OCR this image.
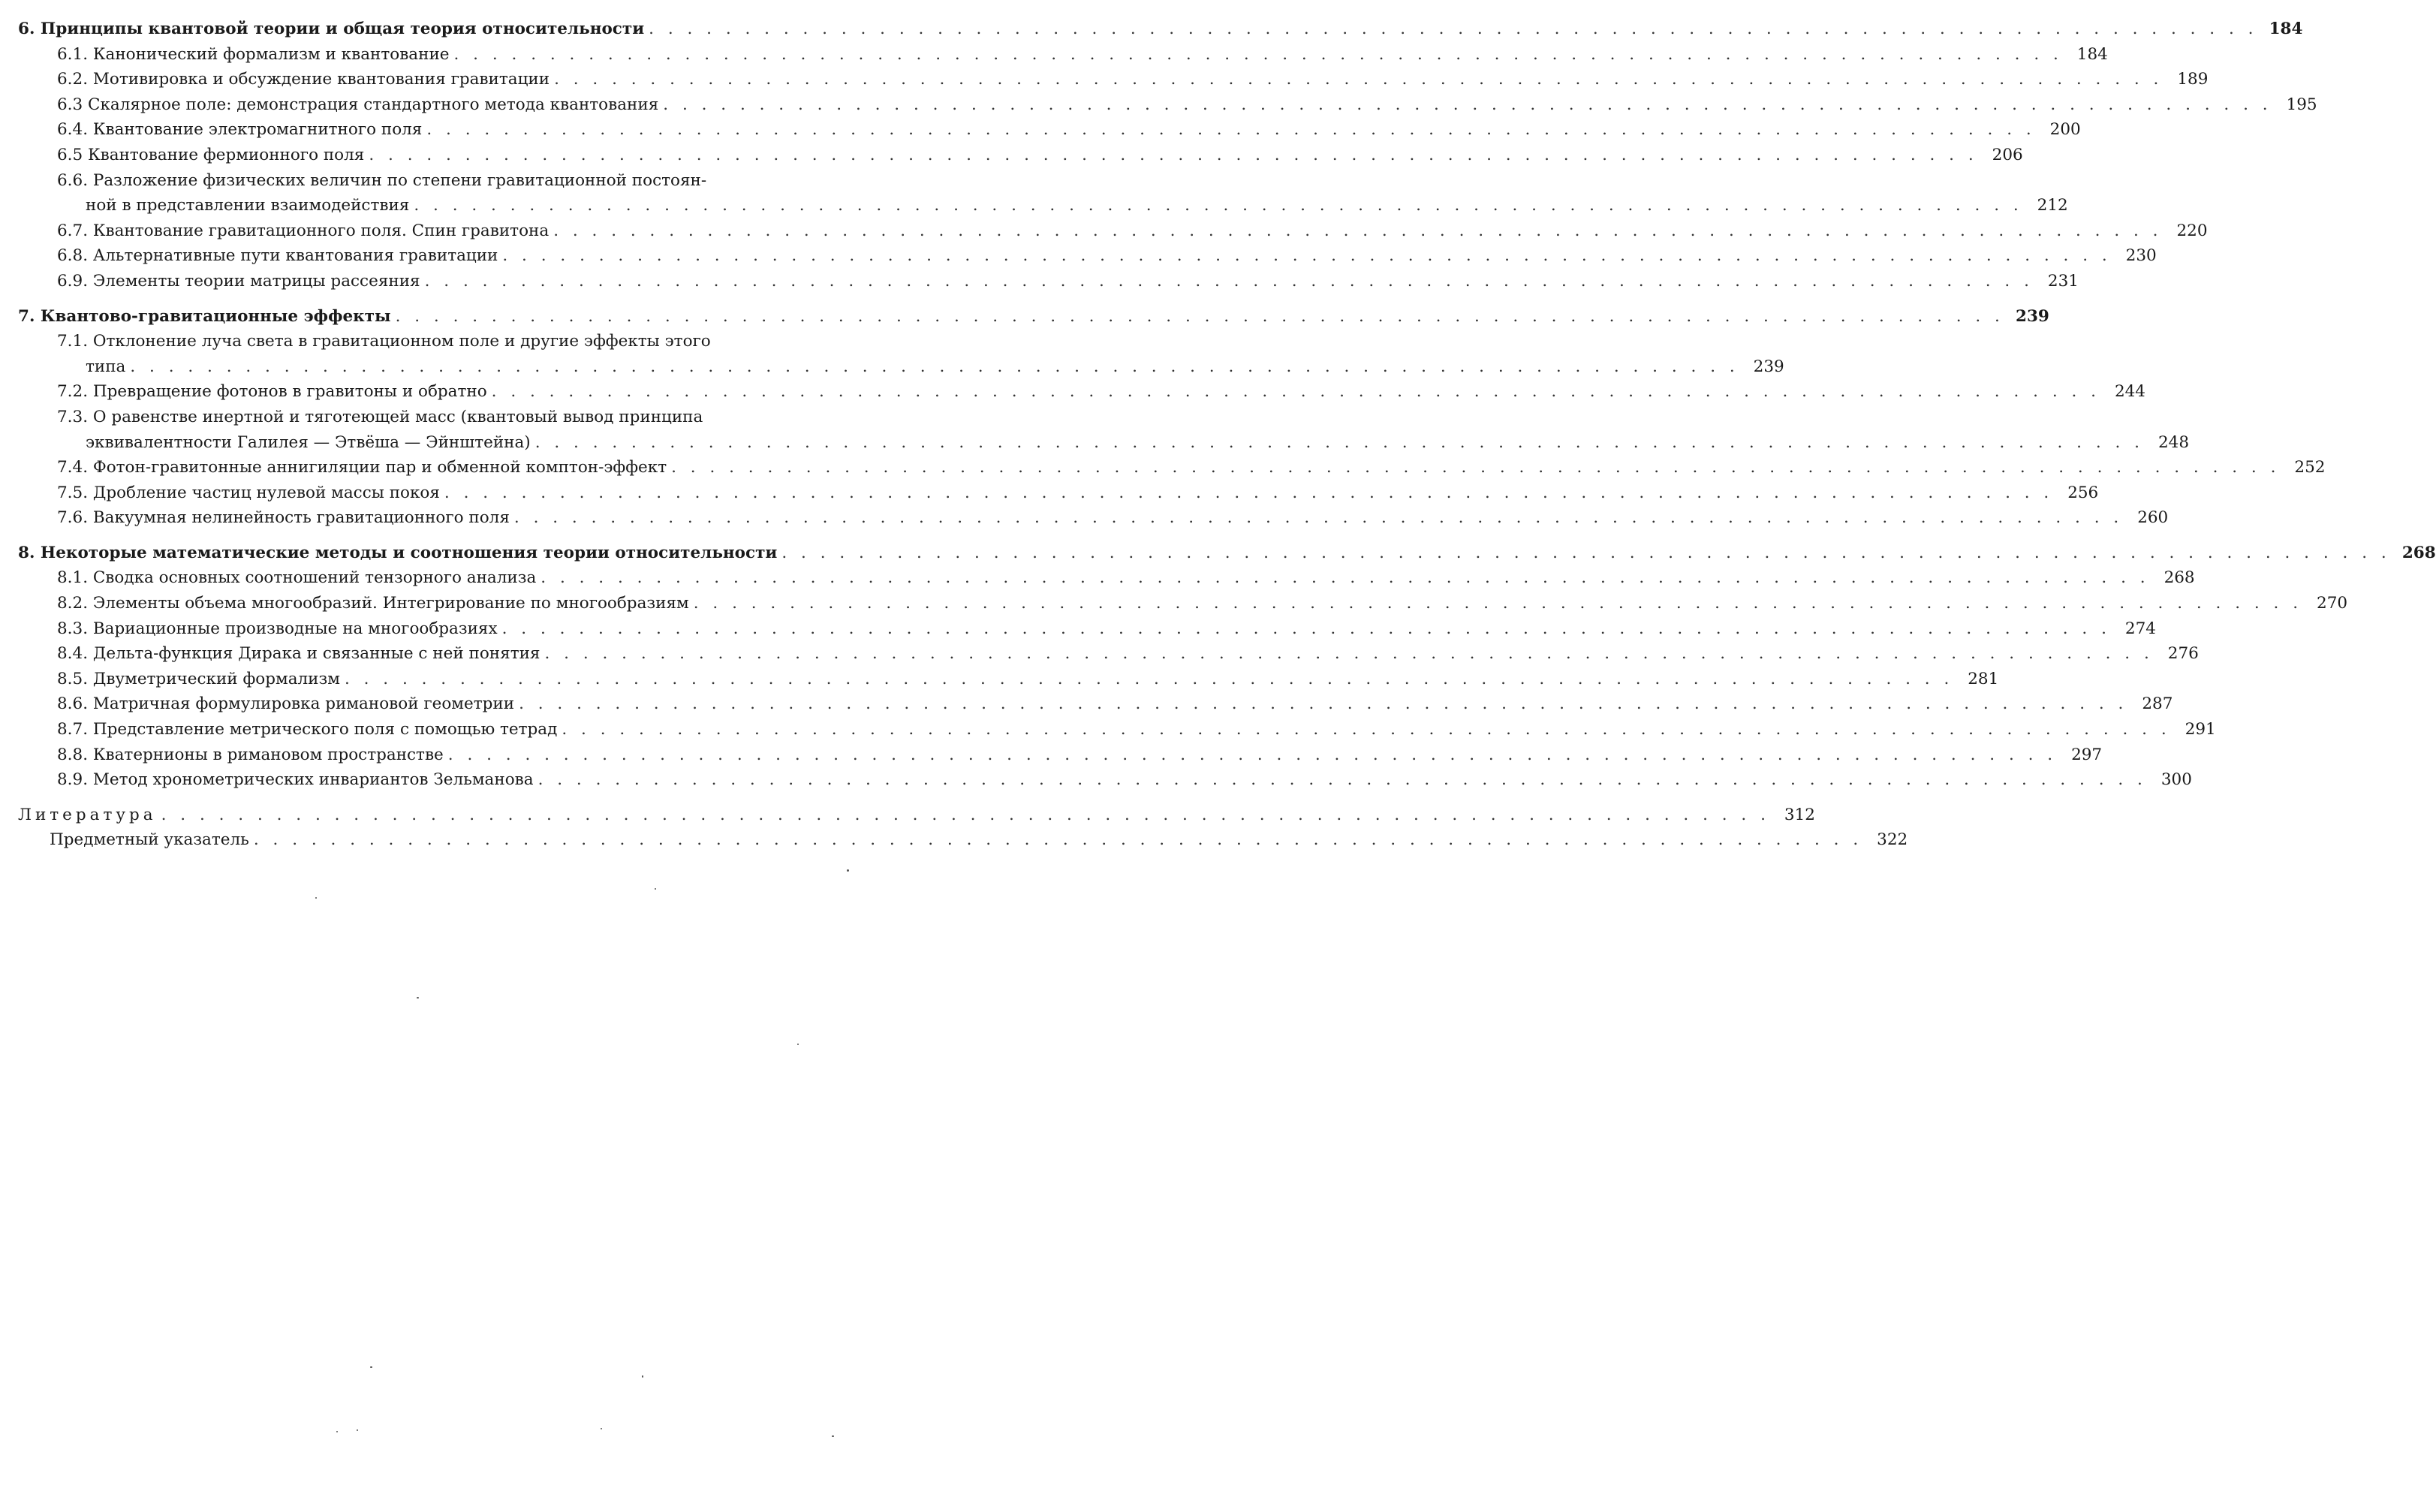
6. Принципы квантовой теории и общая теория относительности
. . .	184
6.1. Канонический формализм и квантование
. . .	184
6.2. Мотивировка и обсуждение квантования гравитации
. . .	189
6.3 Скалярное поле: демонстрация стандартного метода квантования
. . .	195
6.4. Квантование электромагнитного поля
. . .	200
6.5 Квантование фермионного поля
. . .	206
6.6. Разложение физических величин по степени гравитационной постоян-
ной в представлении взаимодействия
. . .	212
6.7. Квантование гравитационного поля. Спин гравитона
. . .	220
6.8. Альтернативные пути квантования гравитации
. . .	230
6.9. Элементы теории матрицы рассеяния
. . .	231
7. Квантово-гравитационные эффекты
. . .	239
7.1. Отклонение луча света в гравитационном поле и другие эффекты этого
типа
. . .	239
7.2. Превращение фотонов в гравитоны и обратно
. . .	244
7.3. О равенстве инертной и тяготеющей масс (квантовый вывод принципа
эквивалентности Галилея — Этвёша — Эйнштейна)
. . .	248
7.4. Фотон-гравитонные аннигиляции пар и обменной комптон-эффект
. . .	252
7.5. Дробление частиц нулевой массы покоя
. . .	256
7.6. Вакуумная нелинейность гравитационного поля
. . .	260
8. Некоторые математические методы и соотношения теории относительности
. . .	268
8.1. Сводка основных соотношений тензорного анализа
. . .	268
8.2. Элементы объема многообразий. Интегрирование по многообразиям
. . .	270
8.3. Вариационные производные на многообразиях
. . .	274
8.4. Дельта-функция Дирака и связанные с ней понятия
. . .	276
8.5. Двуметрический формализм
. . .	281
8.6. Матричная формулировка римановой геометрии
. . .	287
8.7. Представление метрического поля с помощью тетрад
. . .	291
8.8. Кватернионы в римановом пространстве
. . .	297
8.9. Метод хронометрических инвариантов Зельманова
. . .	300
Литература
. . .	312
Предметный указатель
. . .	322
